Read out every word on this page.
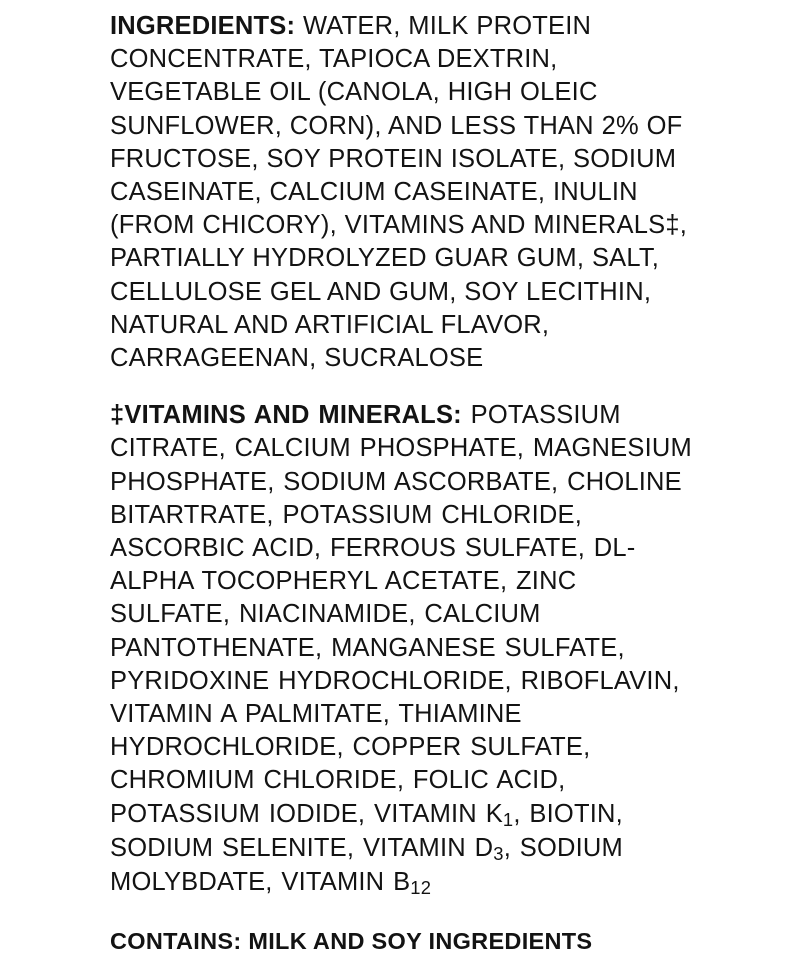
INGREDIENTS: WATER, MILK PROTEIN CONCENTRATE, TAPIOCA DEXTRIN, VEGETABLE OIL (CANOLA, HIGH OLEIC SUNFLOWER, CORN), AND LESS THAN 2% OF FRUCTOSE, SOY PROTEIN ISOLATE, SODIUM CASEINATE, CALCIUM CASEINATE, INULIN (FROM CHICORY), VITAMINS AND MINERALS‡, PARTIALLY HYDROLYZED GUAR GUM, SALT, CELLULOSE GEL AND GUM, SOY LECITHIN, NATURAL AND ARTIFICIAL FLAVOR, CARRAGEENAN, SUCRALOSE

‡VITAMINS AND MINERALS: POTASSIUM CITRATE, CALCIUM PHOSPHATE, MAGNESIUM PHOSPHATE, SODIUM ASCORBATE, CHOLINE BITARTRATE, POTASSIUM CHLORIDE, ASCORBIC ACID, FERROUS SULFATE, DL-ALPHA TOCOPHERYL ACETATE, ZINC SULFATE, NIACINAMIDE, CALCIUM PANTOTHENATE, MANGANESE SULFATE, PYRIDOXINE HYDROCHLORIDE, RIBOFLAVIN, VITAMIN A PALMITATE, THIAMINE HYDROCHLORIDE, COPPER SULFATE, CHROMIUM CHLORIDE, FOLIC ACID, POTASSIUM IODIDE, VITAMIN $K_1$, BIOTIN, SODIUM SELENITE, VITAMIN $D_3$, SODIUM MOLYBDATE, VITAMIN $B_{12}$

CONTAINS: MILK AND SOY INGREDIENTS
